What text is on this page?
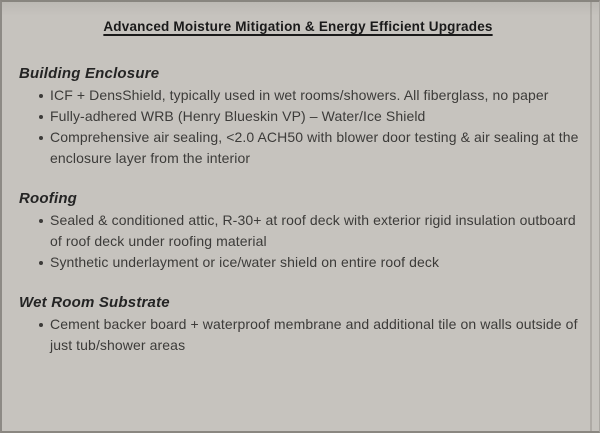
Advanced Moisture Mitigation & Energy Efficient Upgrades
Building Enclosure
ICF + DensShield, typically used in wet rooms/showers. All fiberglass, no paper
Fully-adhered WRB (Henry Blueskin VP) – Water/Ice Shield
Comprehensive air sealing, <2.0 ACH50 with blower door testing & air sealing at the enclosure layer from the interior
Roofing
Sealed & conditioned attic, R-30+ at roof deck with exterior rigid insulation outboard of roof deck under roofing material
Synthetic underlayment or ice/water shield on entire roof deck
Wet Room Substrate
Cement backer board + waterproof membrane and additional tile on walls outside of just tub/shower areas
